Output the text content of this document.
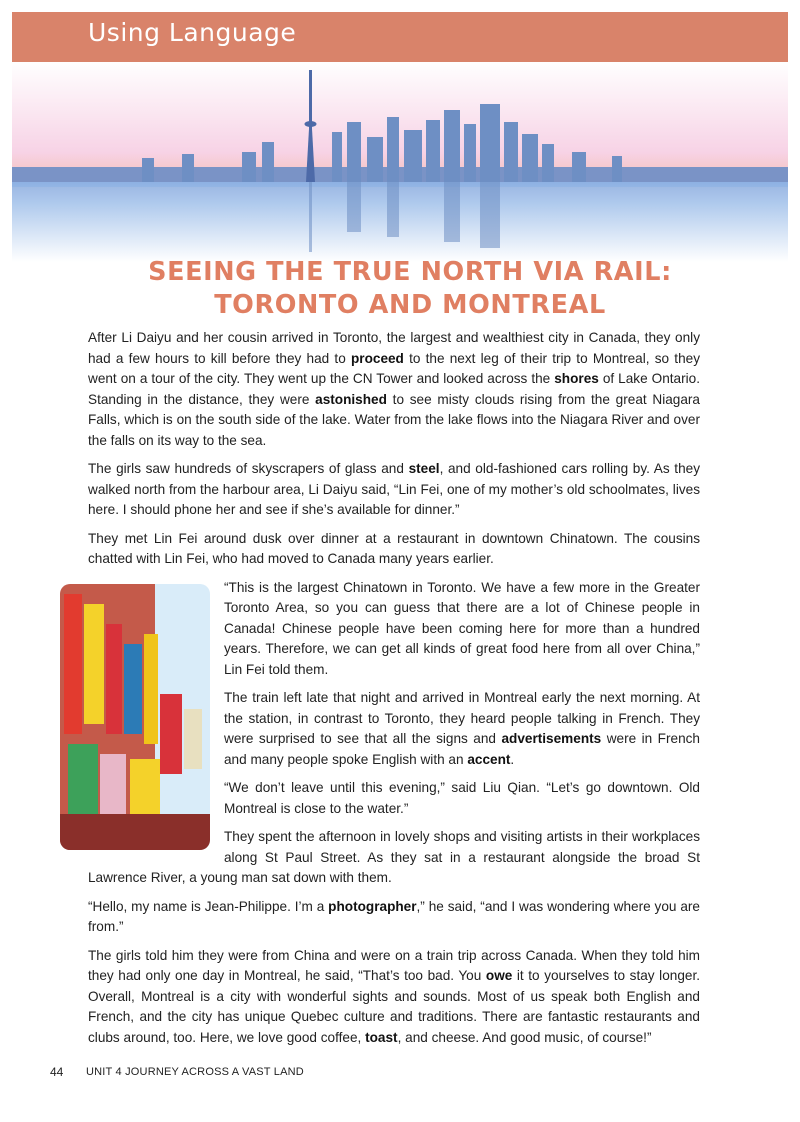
Using Language
SEEING THE TRUE NORTH VIA RAIL:
TORONTO AND MONTREAL

After Li Daiyu and her cousin arrived in Toronto, the largest and wealthiest city in Canada, they only had a few hours to kill before they had to proceed to the next leg of their trip to Montreal, so they went on a tour of the city. They went up the CN Tower and looked across the shores of Lake Ontario. Standing in the distance, they were astonished to see misty clouds rising from the great Niagara Falls, which is on the south side of the lake. Water from the lake flows into the Niagara River and over the falls on its way to the sea.

The girls saw hundreds of skyscrapers of glass and steel, and old-fashioned cars rolling by. As they walked north from the harbour area, Li Daiyu said, “Lin Fei, one of my mother’s old schoolmates, lives here. I should phone her and see if she’s available for dinner.”

They met Lin Fei around dusk over dinner at a restaurant in downtown Chinatown. The cousins chatted with Lin Fei, who had moved to Canada many years earlier.

“This is the largest Chinatown in Toronto. We have a few more in the Greater Toronto Area, so you can guess that there are a lot of Chinese people in Canada! Chinese people have been coming here for more than a hundred years. Therefore, we can get all kinds of great food here from all over China,” Lin Fei told them.

The train left late that night and arrived in Montreal early the next morning. At the station, in contrast to Toronto, they heard people talking in French. They were surprised to see that all the signs and advertisements were in French and many people spoke English with an accent.

“We don’t leave until this evening,” said Liu Qian. “Let’s go downtown. Old Montreal is close to the water.”

They spent the afternoon in lovely shops and visiting artists in their workplaces along St Paul Street. As they sat in a restaurant alongside the broad St Lawrence River, a young man sat down with them.

“Hello, my name is Jean-Philippe. I’m a photographer,” he said, “and I was wondering where you are from.”

The girls told him they were from China and were on a train trip across Canada. When they told him they had only one day in Montreal, he said, “That’s too bad. You owe it to yourselves to stay longer. Overall, Montreal is a city with wonderful sights and sounds. Most of us speak both English and French, and the city has unique Quebec culture and traditions. There are fantastic restaurants and clubs around, too. Here, we love good coffee, toast, and cheese. And good music, of course!”

44 UNIT 4 JOURNEY ACROSS A VAST LAND
